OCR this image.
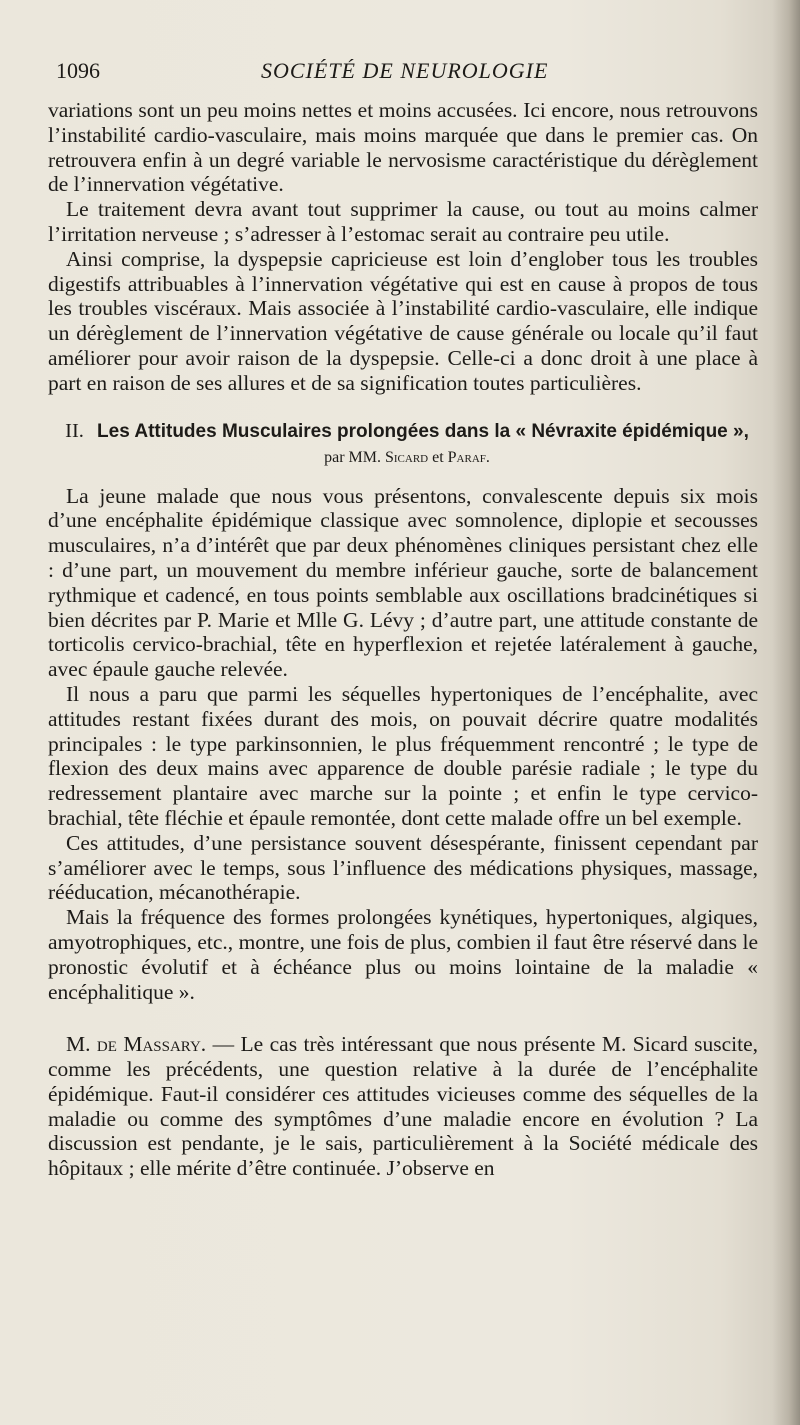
1096	SOCIÉTÉ DE NEUROLOGIE

variations sont un peu moins nettes et moins accusées. Ici encore, nous retrouvons l’instabilité cardio-vasculaire, mais moins marquée que dans le premier cas. On retrouvera enfin à un degré variable le nervosisme caractéristique du dérèglement de l’innervation végétative.

Le traitement devra avant tout supprimer la cause, ou tout au moins calmer l’irritation nerveuse ; s’adresser à l’estomac serait au contraire peu utile.

Ainsi comprise, la dyspepsie capricieuse est loin d’englober tous les troubles digestifs attribuables à l’innervation végétative qui est en cause à propos de tous les troubles viscéraux. Mais associée à l’instabilité cardio-vasculaire, elle indique un dérèglement de l’innervation végétative de cause générale ou locale qu’il faut améliorer pour avoir raison de la dyspepsie. Celle-ci a donc droit à une place à part en raison de ses allures et de sa signification toutes particulières.

II. Les Attitudes Musculaires prolongées dans la « Névraxite épidémique », par MM. Sicard et Paraf.

La jeune malade que nous vous présentons, convalescente depuis six mois d’une encéphalite épidémique classique avec somnolence, diplopie et secousses musculaires, n’a d’intérêt que par deux phénomènes cliniques persistant chez elle : d’une part, un mouvement du membre inférieur gauche, sorte de balancement rythmique et cadencé, en tous points semblable aux oscillations bradcinétiques si bien décrites par P. Marie et Mlle G. Lévy ; d’autre part, une attitude constante de torticolis cervico-brachial, tête en hyperflexion et rejetée latéralement à gauche, avec épaule gauche relevée.

Il nous a paru que parmi les séquelles hypertoniques de l’encéphalite, avec attitudes restant fixées durant des mois, on pouvait décrire quatre modalités principales : le type parkinsonnien, le plus fréquemment rencontré ; le type de flexion des deux mains avec apparence de double parésie radiale ; le type du redressement plantaire avec marche sur la pointe ; et enfin le type cervico-brachial, tête fléchie et épaule remontée, dont cette malade offre un bel exemple.

Ces attitudes, d’une persistance souvent désespérante, finissent cependant par s’améliorer avec le temps, sous l’influence des médications physiques, massage, rééducation, mécanothérapie.

Mais la fréquence des formes prolongées kynétiques, hypertoniques, algiques, amyotrophiques, etc., montre, une fois de plus, combien il faut être réservé dans le pronostic évolutif et à échéance plus ou moins lointaine de la maladie « encéphalitique ».

M. de Massary. — Le cas très intéressant que nous présente M. Sicard suscite, comme les précédents, une question relative à la durée de l’encéphalite épidémique. Faut-il considérer ces attitudes vicieuses comme des séquelles de la maladie ou comme des symptômes d’une maladie encore en évolution ? La discussion est pendante, je le sais, particulièrement à la Société médicale des hôpitaux ; elle mérite d’être continuée. J’observe en
